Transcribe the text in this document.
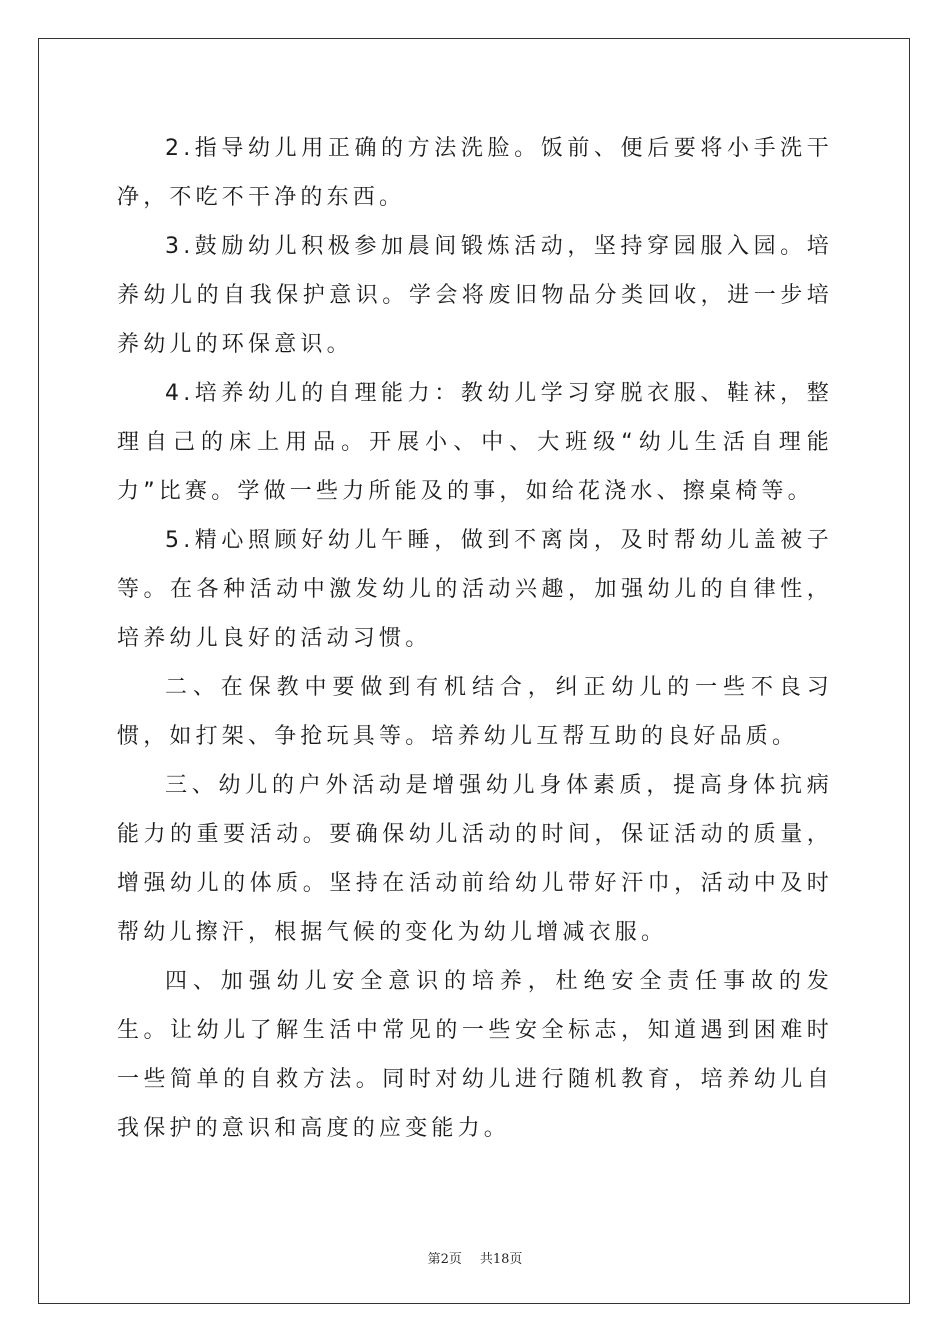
2.指导幼儿用正确的方法洗脸。饭前、便后要将小手洗干净，不吃不干净的东西。

3.鼓励幼儿积极参加晨间锻炼活动，坚持穿园服入园。培养幼儿的自我保护意识。学会将废旧物品分类回收，进一步培养幼儿的环保意识。

4.培养幼儿的自理能力：教幼儿学习穿脱衣服、鞋袜，整理自己的床上用品。开展小、中、大班级“幼儿生活自理能力”比赛。学做一些力所能及的事，如给花浇水、擦桌椅等。

5.精心照顾好幼儿午睡，做到不离岗，及时帮幼儿盖被子等。在各种活动中激发幼儿的活动兴趣，加强幼儿的自律性，培养幼儿良好的活动习惯。

二、在保教中要做到有机结合，纠正幼儿的一些不良习惯，如打架、争抢玩具等。培养幼儿互帮互助的良好品质。

三、幼儿的户外活动是增强幼儿身体素质，提高身体抗病能力的重要活动。要确保幼儿活动的时间，保证活动的质量，增强幼儿的体质。坚持在活动前给幼儿带好汗巾，活动中及时帮幼儿擦汗，根据气候的变化为幼儿增减衣服。

四、加强幼儿安全意识的培养，杜绝安全责任事故的发生。让幼儿了解生活中常见的一些安全标志，知道遇到困难时一些简单的自救方法。同时对幼儿进行随机教育，培养幼儿自我保护的意识和高度的应变能力。

第2页 共18页
